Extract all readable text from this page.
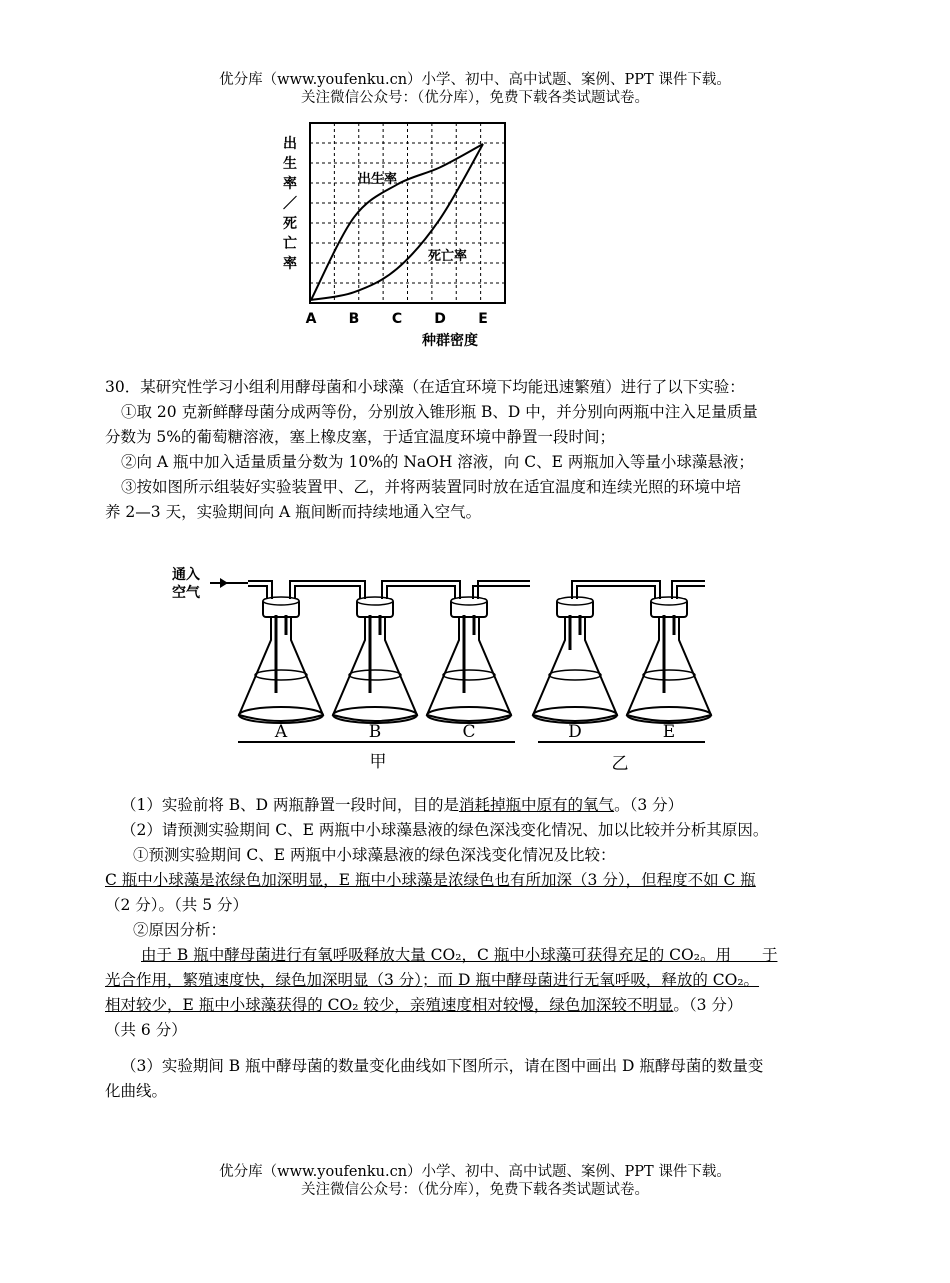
优分库（www.youfenku.cn）小学、初中、高中试题、案例、PPT 课件下载。
关注微信公众号：（优分库），免费下载各类试题试卷。
A B C D E
出生率／死亡率
种群密度
出生率
死亡率
30．某研究性学习小组利用酵母菌和小球藻（在适宜环境下均能迅速繁殖）进行了以下实验：
①取 20 克新鲜酵母菌分成两等份，分别放入锥形瓶 B、D 中，并分别向两瓶中注入足量质量
分数为 5%的葡萄糖溶液，塞上橡皮塞，于适宜温度环境中静置一段时间；
②向 A 瓶中加入适量质量分数为 10%的 NaOH 溶液，向 C、E 两瓶加入等量小球藻悬液；
③按如图所示组装好实验装置甲、乙，并将两装置同时放在适宜温度和连续光照的环境中培
养 2—3 天，实验期间向 A 瓶间断而持续地通入空气。
通入
空气
A	B	C	D	E
甲	乙
（1）实验前将 B、D 两瓶静置一段时间，目的是消耗掉瓶中原有的氧气。（3 分）
（2）请预测实验期间 C、E 两瓶中小球藻悬液的绿色深浅变化情况、加以比较并分析其原因。
①预测实验期间 C、E 两瓶中小球藻悬液的绿色深浅变化情况及比较：
C 瓶中小球藻是浓绿色加深明显，E 瓶中小球藻是浓绿色也有所加深（3 分），但程度不如 C 瓶
（2 分）。（共 5 分）
②原因分析：
由于 B 瓶中酵母菌进行有氧呼吸释放大量 CO₂，C 瓶中小球藻可获得充足的 CO₂。用　　于
光合作用，繁殖速度快，绿色加深明显（3 分）；而 D 瓶中酵母菌进行无氧呼吸，释放的 CO₂。
相对较少，E 瓶中小球藻获得的 CO₂ 较少，亲殖速度相对较慢，绿色加深较不明显。（3 分）
（共 6 分）
（3）实验期间 B 瓶中酵母菌的数量变化曲线如下图所示，请在图中画出 D 瓶酵母菌的数量变
化曲线。
优分库（www.youfenku.cn）小学、初中、高中试题、案例、PPT 课件下载。
关注微信公众号：（优分库），免费下载各类试题试卷。
